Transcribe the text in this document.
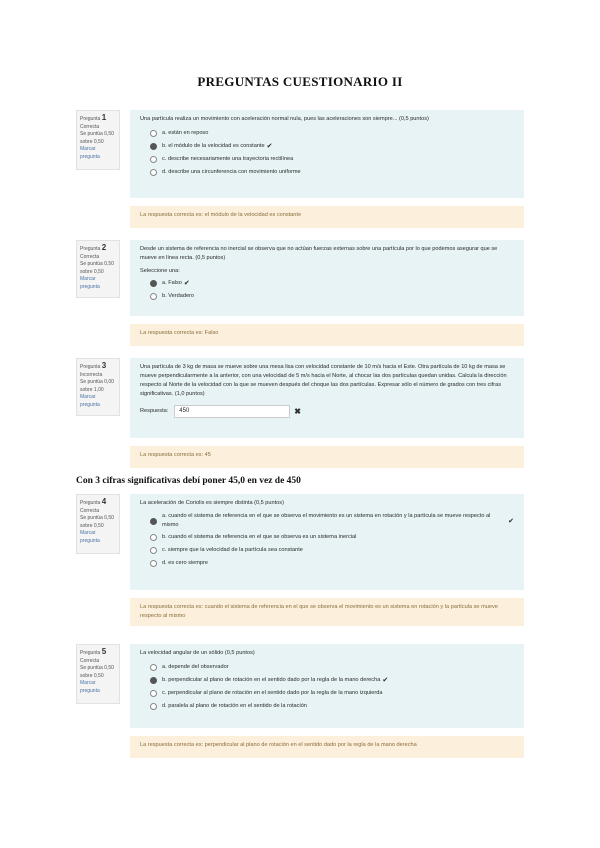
PREGUNTAS CUESTIONARIO II
Pregunta 1
Correcta
Se puntúa 0,50 sobre 0,50
Marcar pregunta
Una partícula realiza un movimiento con aceleración normal nula, pues las aceleraciones son siempre... (0,5 puntos)
a. están en reposo
b. el módulo de la velocidad es constante ✔
c. describe necesariamente una trayectoria rectilínea
d. describe una circunferencia con movimiento uniforme
La respuesta correcta es: el módulo de la velocidad es constante
Pregunta 2
Correcta
Se puntúa 0,50 sobre 0,50
Marcar pregunta
Desde un sistema de referencia no inercial se observa que no actúan fuerzas externas sobre una partícula por lo que podemos asegurar que se mueve en línea recta. (0,5 puntos)
Seleccione una:
a. Falso ✔
b. Verdadero
La respuesta correcta es: Falso
Pregunta 3
Incorrecta
Se puntúa 0,00 sobre 1,00
Marcar pregunta
Una partícula de 3 kg de masa se mueve sobre una mesa lisa con velocidad constante de 10 m/s hacia el Este. Otra partícula de 10 kg de masa se mueve perpendicularmente a la anterior, con una velocidad de 5 m/s hacia el Norte, al chocar las dos partículas quedan unidas. Calcula la dirección respecto al Norte de la velocidad con la que se mueven después del choque las dos partículas. Expresar sólo el número de grados con tres cifras significativas. (1,0 puntos)
Respuesta:	450	✖
La respuesta correcta es: 45
Con 3 cifras significativas debí poner 45,0 en vez de 450
Pregunta 4
Correcta
Se puntúa 0,50 sobre 0,50
Marcar pregunta
La aceleración de Coriolis es siempre distinta (0,5 puntos)
a. cuando el sistema de referencia en el que se observa el movimiento es un sistema en rotación y la partícula se mueve respecto al mismo
✔
b. cuando el sistema de referencia en el que se observa es un sistema inercial
c. siempre que la velocidad de la partícula sea constante
d. es cero siempre
La respuesta correcta es: cuando el sistema de referencia en el que se observa el movimiento es un sistema en rotación y la partícula se mueve respecto al mismo
Pregunta 5
Correcta
Se puntúa 0,50 sobre 0,50
Marcar pregunta
La velocidad angular de un sólido (0,5 puntos)
a. depende del observador
b. perpendicular al plano de rotación en el sentido dado por la regla de la mano derecha ✔
c. perpendicular al plano de rotación en el sentido dado por la regla de la mano izquierda
d. paralela al plano de rotación en el sentido de la rotación
La respuesta correcta es: perpendicular al plano de rotación en el sentido dado por la regla de la mano derecha
